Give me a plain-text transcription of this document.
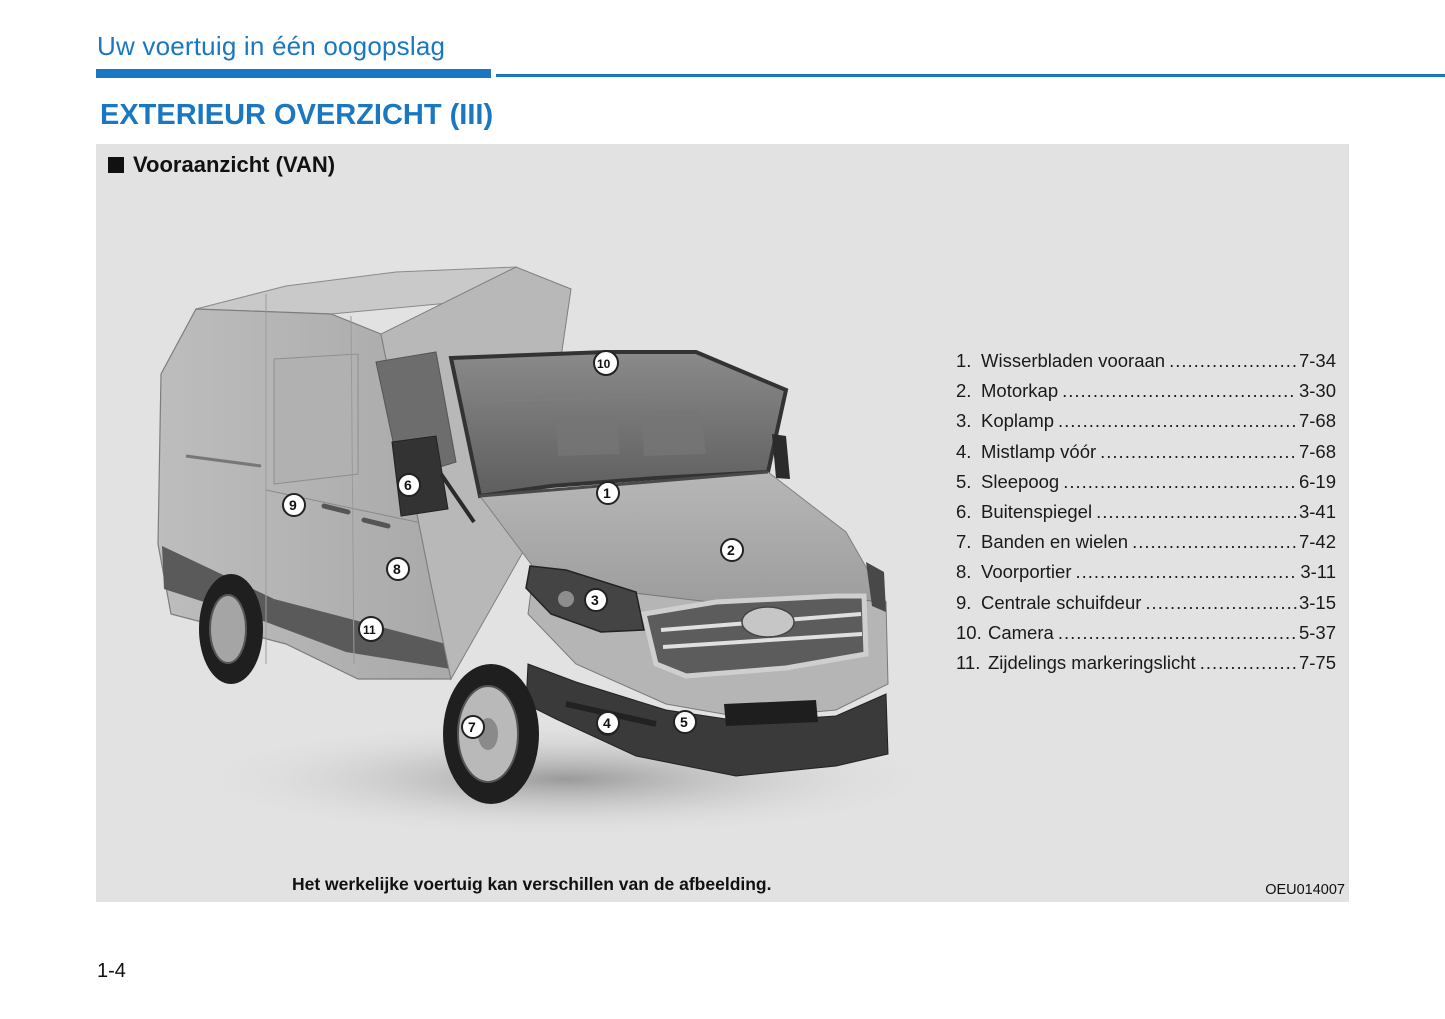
Uw voertuig in één oogopslag
EXTERIEUR OVERZICHT (III)
Vooraanzicht (VAN)
1
2
3
4	5
6
7
8
9
10
11
1. Wisserbladen vooraan .....	7-34
2. Motorkap .....	3-30
3. Koplamp .....	7-68
4. Mistlamp vóór .....	7-68
5. Sleepoog .....	6-19
6. Buitenspiegel .....	3-41
7. Banden en wielen .....	7-42
8. Voorportier .....	3-11
9. Centrale schuifdeur .....	3-15
10. Camera .....	5-37
11. Zijdelings markeringslicht .....	7-75
Het werkelijke voertuig kan verschillen van de afbeelding.	OEU014007
1-4
